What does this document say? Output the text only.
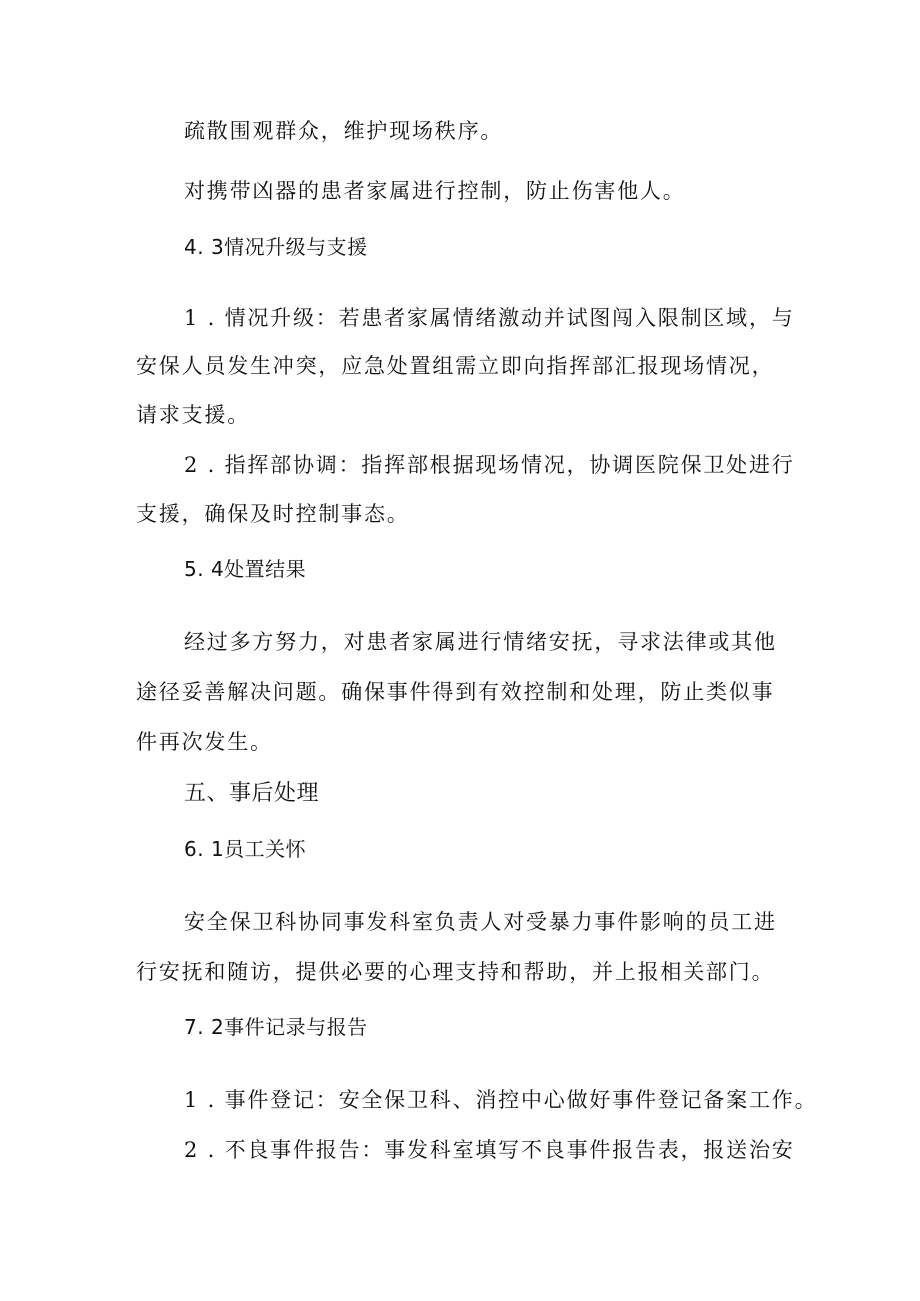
疏散围观群众，维护现场秩序。
对携带凶器的患者家属进行控制，防止伤害他人。
4. 3情况升级与支援
1 . 情况升级：若患者家属情绪激动并试图闯入限制区域，与
安保人员发生冲突，应急处置组需立即向指挥部汇报现场情况，
请求支援。
2 . 指挥部协调：指挥部根据现场情况，协调医院保卫处进行
支援，确保及时控制事态。
5. 4处置结果
经过多方努力，对患者家属进行情绪安抚，寻求法律或其他
途径妥善解决问题。确保事件得到有效控制和处理，防止类似事
件再次发生。
五、事后处理
6. 1员工关怀
安全保卫科协同事发科室负责人对受暴力事件影响的员工进
行安抚和随访，提供必要的心理支持和帮助，并上报相关部门。
7. 2事件记录与报告
1 . 事件登记：安全保卫科、消控中心做好事件登记备案工作。
2 . 不良事件报告：事发科室填写不良事件报告表，报送治安
